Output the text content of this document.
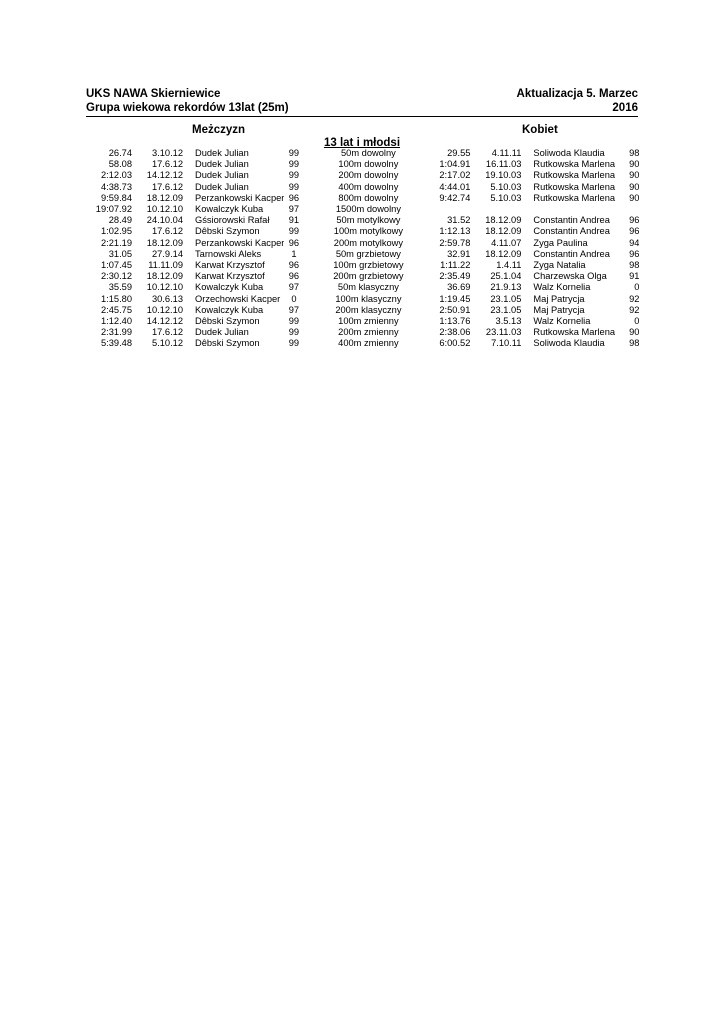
UKS NAWA Skierniewice
Grupa wiekowa rekordów 13lat (25m)
Aktualizacja 5. Marzec
2016
Meżczyzn	Kobiet
13 lat i młodsi
26.74	3.10.12	Dudek Julian	99	50m dowolny	29.55	4.11.11	Soliwoda Klaudia	98
58.08	17.6.12	Dudek Julian	99	100m dowolny	1:04.91	16.11.03	Rutkowska Marlena	90
2:12.03	14.12.12	Dudek Julian	99	200m dowolny	2:17.02	19.10.03	Rutkowska Marlena	90
4:38.73	17.6.12	Dudek Julian	99	400m dowolny	4:44.01	5.10.03	Rutkowska Marlena	90
9:59.84	18.12.09	Perzankowski Kacper	96	800m dowolny	9:42.74	5.10.03	Rutkowska Marlena	90
19:07.92	10.12.10	Kowalczyk Kuba	97	1500m dowolny				
28.49	24.10.04	Gśsiorowski Rafał	91	50m motylkowy	31.52	18.12.09	Constantin Andrea	96
1:02.95	17.6.12	Dêbski Szymon	99	100m motylkowy	1:12.13	18.12.09	Constantin Andrea	96
2:21.19	18.12.09	Perzankowski Kacper	96	200m motylkowy	2:59.78	4.11.07	Zyga Paulina	94
31.05	27.9.14	Tarnowski Aleks	1	50m grzbietowy	32.91	18.12.09	Constantin Andrea	96
1:07.45	11.11.09	Karwat Krzysztof	96	100m grzbietowy	1:11.22	1.4.11	Zyga Natalia	98
2:30.12	18.12.09	Karwat Krzysztof	96	200m grzbietowy	2:35.49	25.1.04	Charzewska Olga	91
35.59	10.12.10	Kowalczyk Kuba	97	50m klasyczny	36.69	21.9.13	Walz Kornelia	0
1:15.80	30.6.13	Orzechowski Kacper	0	100m klasyczny	1:19.45	23.1.05	Maj Patrycja	92
2:45.75	10.12.10	Kowalczyk Kuba	97	200m klasyczny	2:50.91	23.1.05	Maj Patrycja	92
1:12.40	14.12.12	Dêbski Szymon	99	100m zmienny	1:13.76	3.5.13	Walz Kornelia	0
2:31.99	17.6.12	Dudek Julian	99	200m zmienny	2:38.06	23.11.03	Rutkowska Marlena	90
5:39.48	5.10.12	Dêbski Szymon	99	400m zmienny	6:00.52	7.10.11	Soliwoda Klaudia	98
